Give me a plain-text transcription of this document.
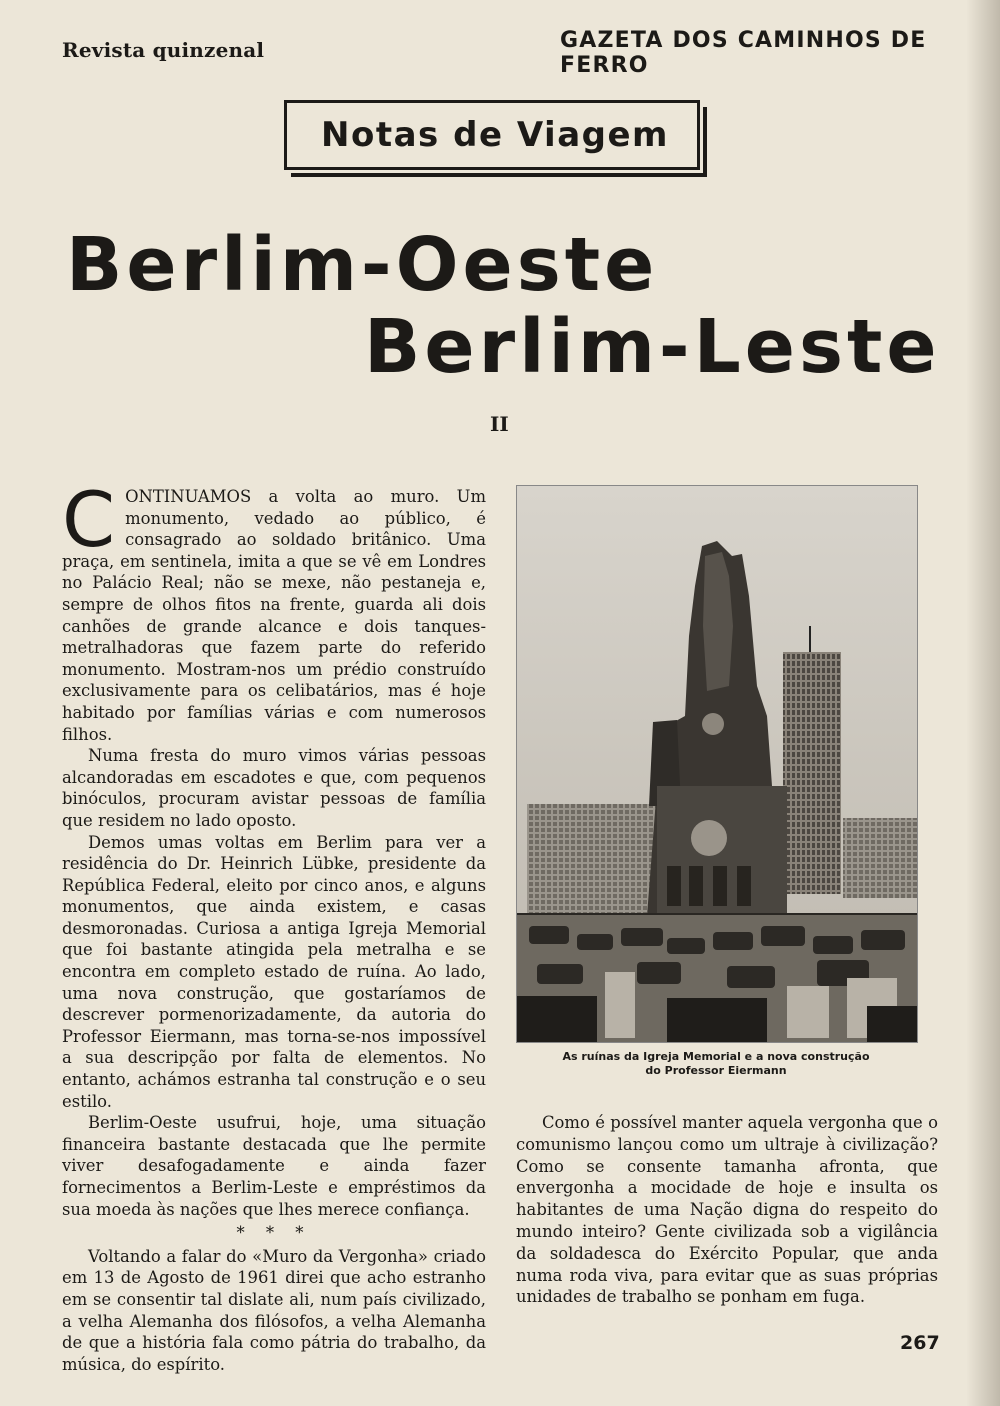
Revista quinzenal	GAZETA DOS CAMINHOS DE FERRO
Notas de Viagem
Berlim-Oeste
Berlim-Leste
II

CONTINUAMOS a volta ao muro. Um monumento, vedado ao público, é consagrado ao soldado britânico. Uma praça, em sentinela, imita a que se vê em Londres no Palácio Real; não se mexe, não pestaneja e, sempre de olhos fitos na frente, guarda ali dois canhões de grande alcance e dois tanques-metralhadoras que fazem parte do referido monumento. Mostram-nos um prédio construído exclusivamente para os celibatários, mas é hoje habitado por famílias várias e com numerosos filhos.

Numa fresta do muro vimos várias pessoas alcandoradas em escadotes e que, com pequenos binóculos, procuram avistar pessoas de família que residem no lado oposto.

Demos umas voltas em Berlim para ver a residência do Dr. Heinrich Lübke, presidente da República Federal, eleito por cinco anos, e alguns monumentos, que ainda existem, e casas desmoronadas. Curiosa a antiga Igreja Memorial que foi bastante atingida pela metralha e se encontra em completo estado de ruína. Ao lado, uma nova construção, que gostaríamos de descrever pormenorizadamente, da autoria do Professor Eiermann, mas torna-se-nos impossível a sua descripção por falta de elementos. No entanto, achámos estranha tal construção e o seu estilo.

Berlim-Oeste usufrui, hoje, uma situação financeira bastante destacada que lhe permite viver desafogadamente e ainda fazer fornecimentos a Berlim-Leste e empréstimos da sua moeda às nações que lhes merece confiança.

* * *

Voltando a falar do «Muro da Vergonha» criado em 13 de Agosto de 1961 direi que acho estranho em se consentir tal dislate ali, num país civilizado, a velha Alemanha dos filósofos, a velha Alemanha de que a história fala como pátria do trabalho, da música, do espírito.

As ruínas da Igreja Memorial e a nova construção
do Professor Eiermann

Como é possível manter aquela vergonha que o comunismo lançou como um ultraje à civilização? Como se consente tamanha afronta, que envergonha a mocidade de hoje e insulta os habitantes de uma Nação digna do respeito do mundo inteiro? Gente civilizada sob a vigilância da soldadesca do Exército Popular, que anda numa roda viva, para evitar que as suas próprias unidades de trabalho se ponham em fuga.

267
